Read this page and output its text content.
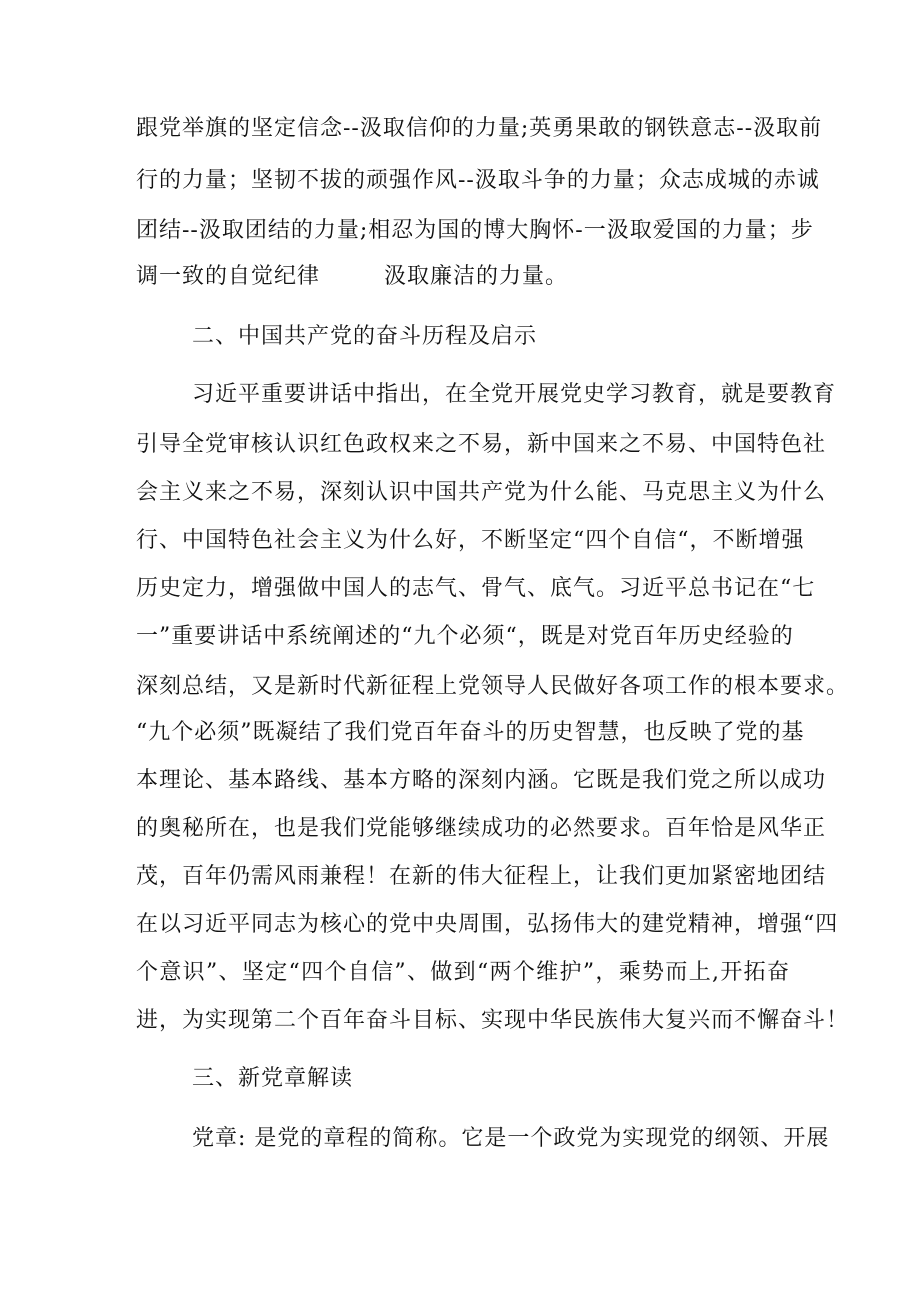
跟党举旗的坚定信念--汲取信仰的力量;英勇果敢的钢铁意志--汲取前
行的力量；坚韧不拔的顽强作风--汲取斗争的力量；众志成城的赤诚
团结--汲取团结的力量;相忍为国的博大胸怀-一汲取爱国的力量；步
调一致的自觉纪律        汲取廉洁的力量。
二、中国共产党的奋斗历程及启示
习近平重要讲话中指出，在全党开展党史学习教育，就是要教育
引导全党审核认识红色政权来之不易，新中国来之不易、中国特色社
会主义来之不易，深刻认识中国共产党为什么能、马克思主义为什么
行、中国特色社会主义为什么好，不断坚定“四个自信“，不断增强
历史定力，增强做中国人的志气、骨气、底气。习近平总书记在“七
一”重要讲话中系统阐述的“九个必须“，既是对党百年历史经验的
深刻总结，又是新时代新征程上党领导人民做好各项工作的根本要求。
“九个必须”既凝结了我们党百年奋斗的历史智慧，也反映了党的基
本理论、基本路线、基本方略的深刻内涵。它既是我们党之所以成功
的奥秘所在，也是我们党能够继续成功的必然要求。百年恰是风华正
茂，百年仍需风雨兼程！在新的伟大征程上，让我们更加紧密地团结
在以习近平同志为核心的党中央周围，弘扬伟大的建党精神，增强“四
个意识”、坚定“四个自信”、做到“两个维护”，乘势而上,开拓奋
进，为实现第二个百年奋斗目标、实现中华民族伟大复兴而不懈奋斗！
三、新党章解读
党章: 是党的章程的简称。它是一个政党为实现党的纲领、开展
